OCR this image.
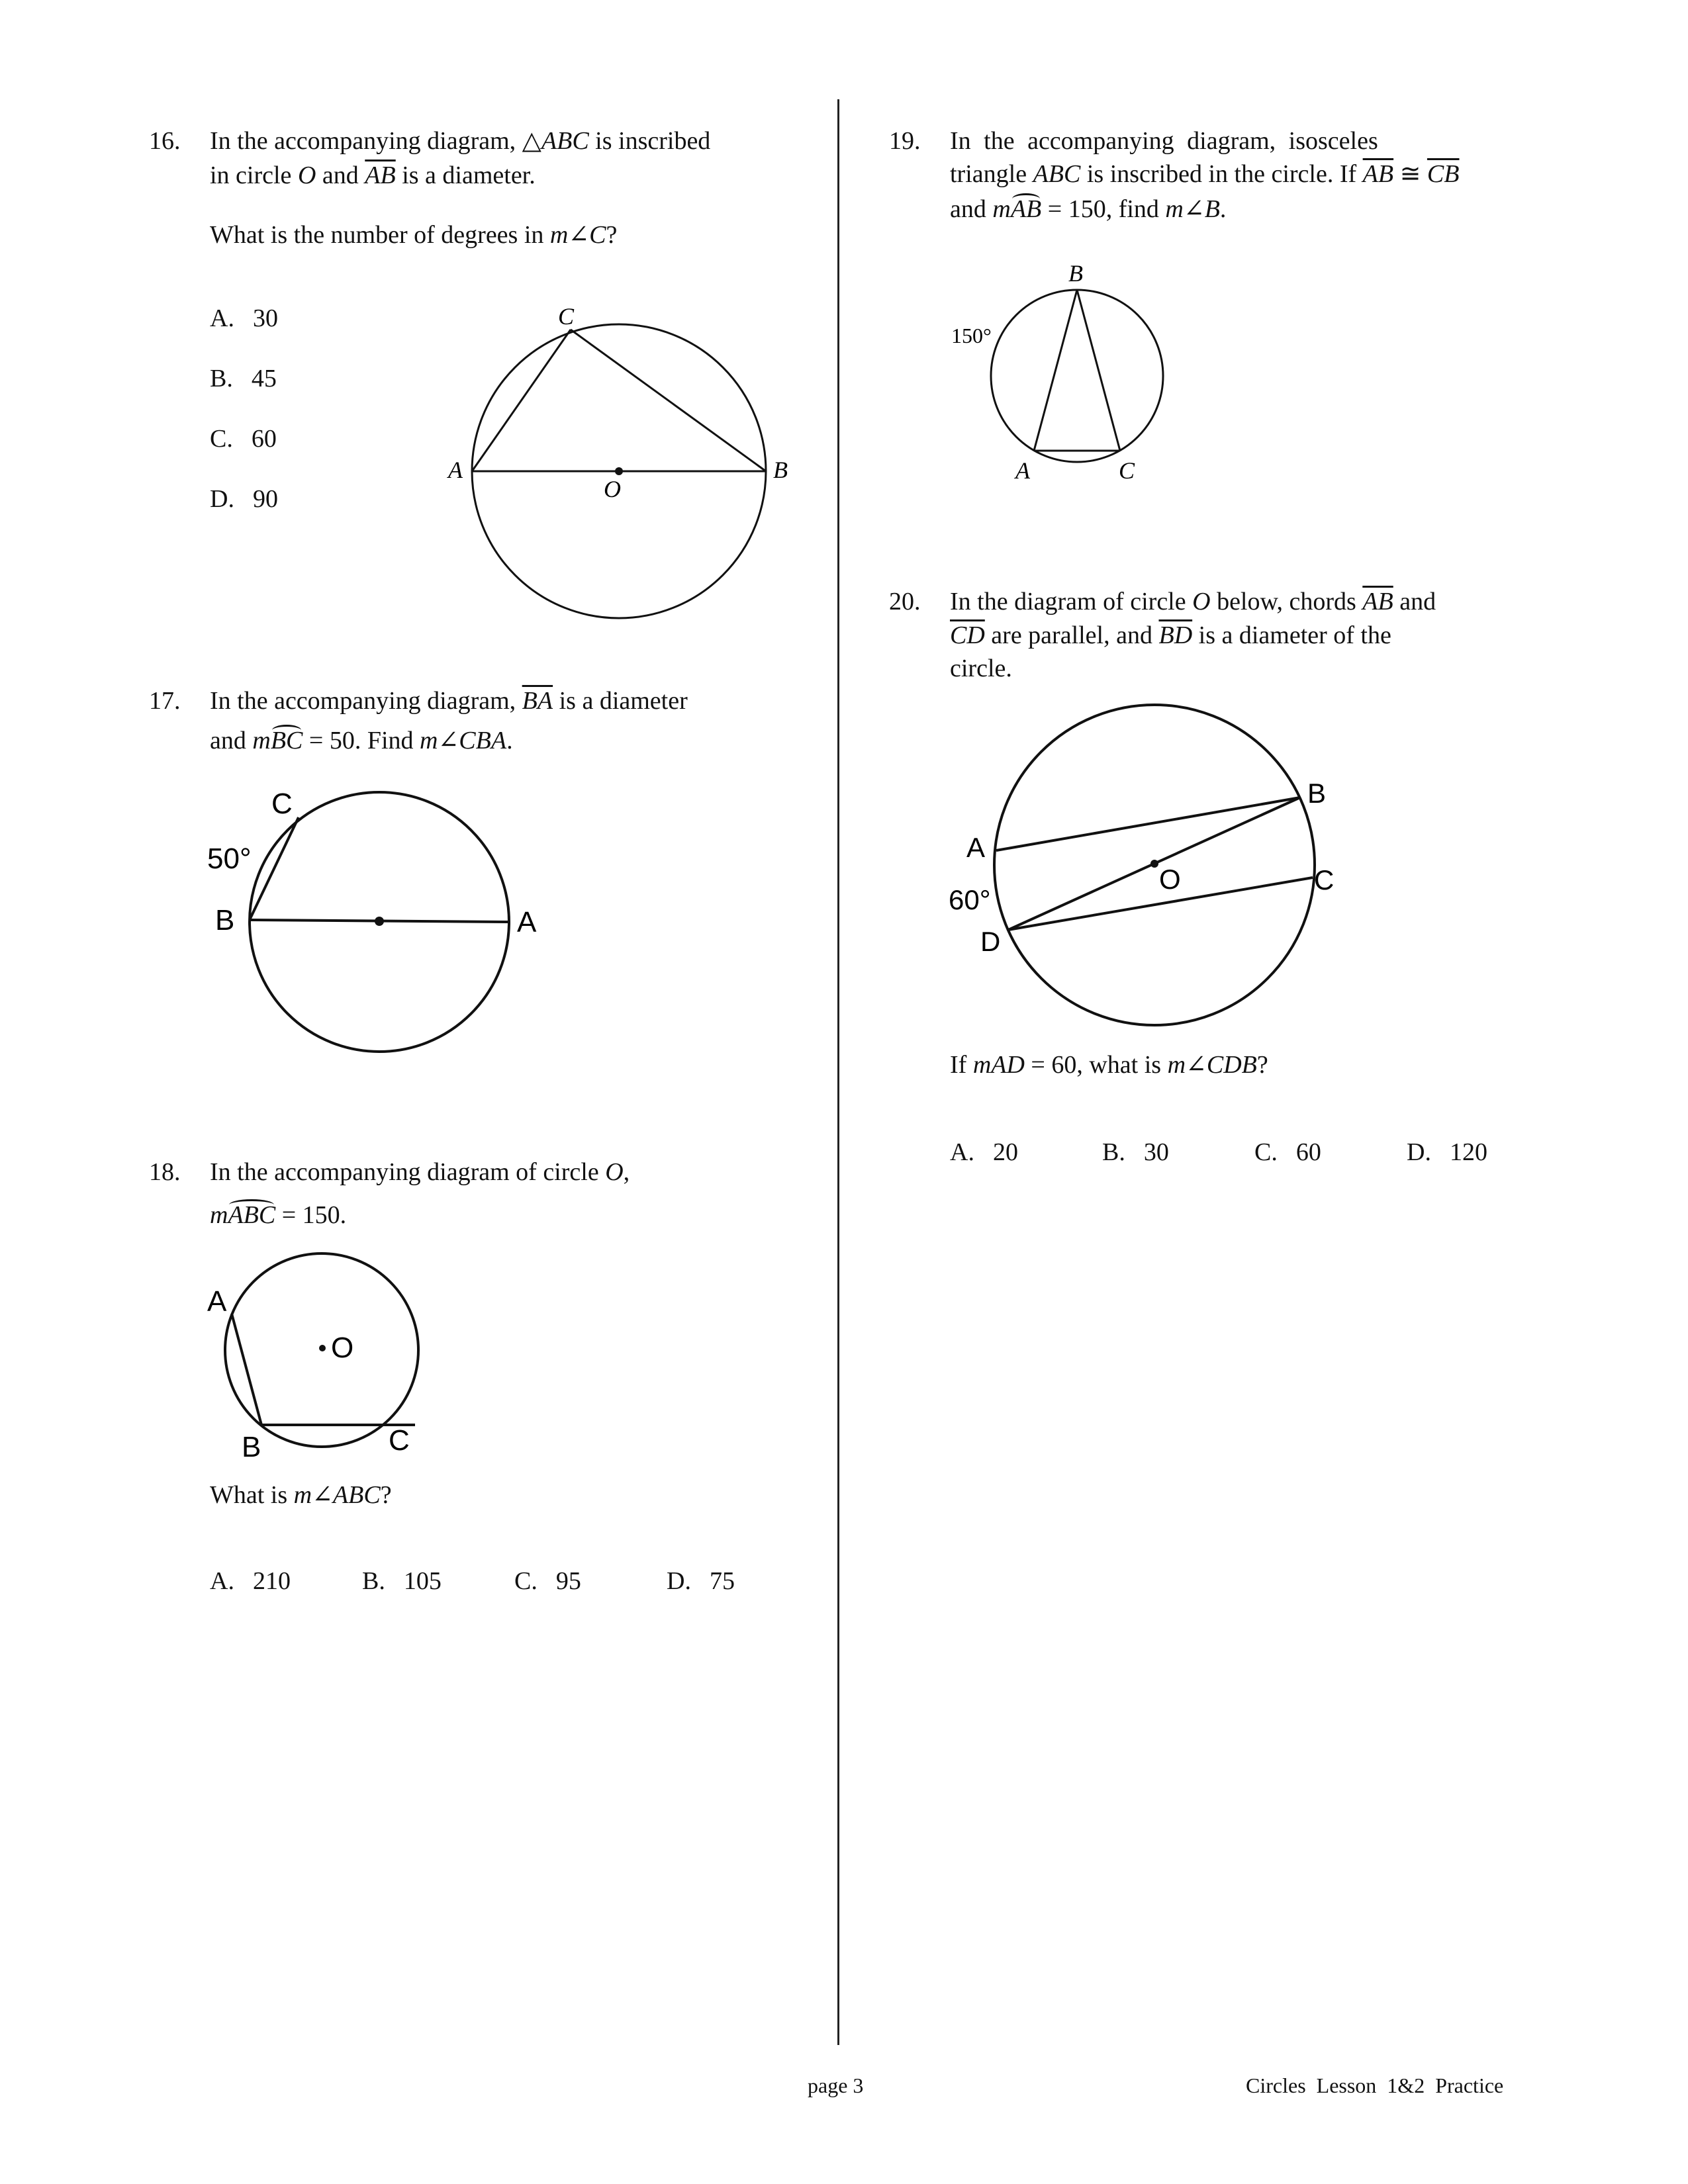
16. In the accompanying diagram, △ABC is inscribed
in circle O and $\overline{AB}$ is a diameter.
What is the number of degrees in m∠C?
A. 30
B. 45
C. 60
D. 90
C
A	B
O
17. In the accompanying diagram, $\overline{BA}$ is a diameter
and mBC = 50. Find m∠CBA.
C
50°
B	A
18. In the accompanying diagram of circle O,
mABC = 150.
What is m∠ABC?
A. 210	B. 105	C. 95	D. 75
A
O
B	C
19. In the accompanying diagram, isosceles
triangle ABC is inscribed in the circle. If $\overline{AB}$ ≅ $\overline{CB}$
and mAB = 150, find m∠B.
B
150°
A	C
20. In the diagram of circle O below, chords $\overline{AB}$ and
$\overline{CD}$ are parallel, and $\overline{BD}$ is a diameter of the
circle.
B
A
O	C
60°
D
If mAD = 60, what is m∠CDB?
A. 20	B. 30	C. 60	D. 120
page 3	Circles  Lesson  1&2  Practice
